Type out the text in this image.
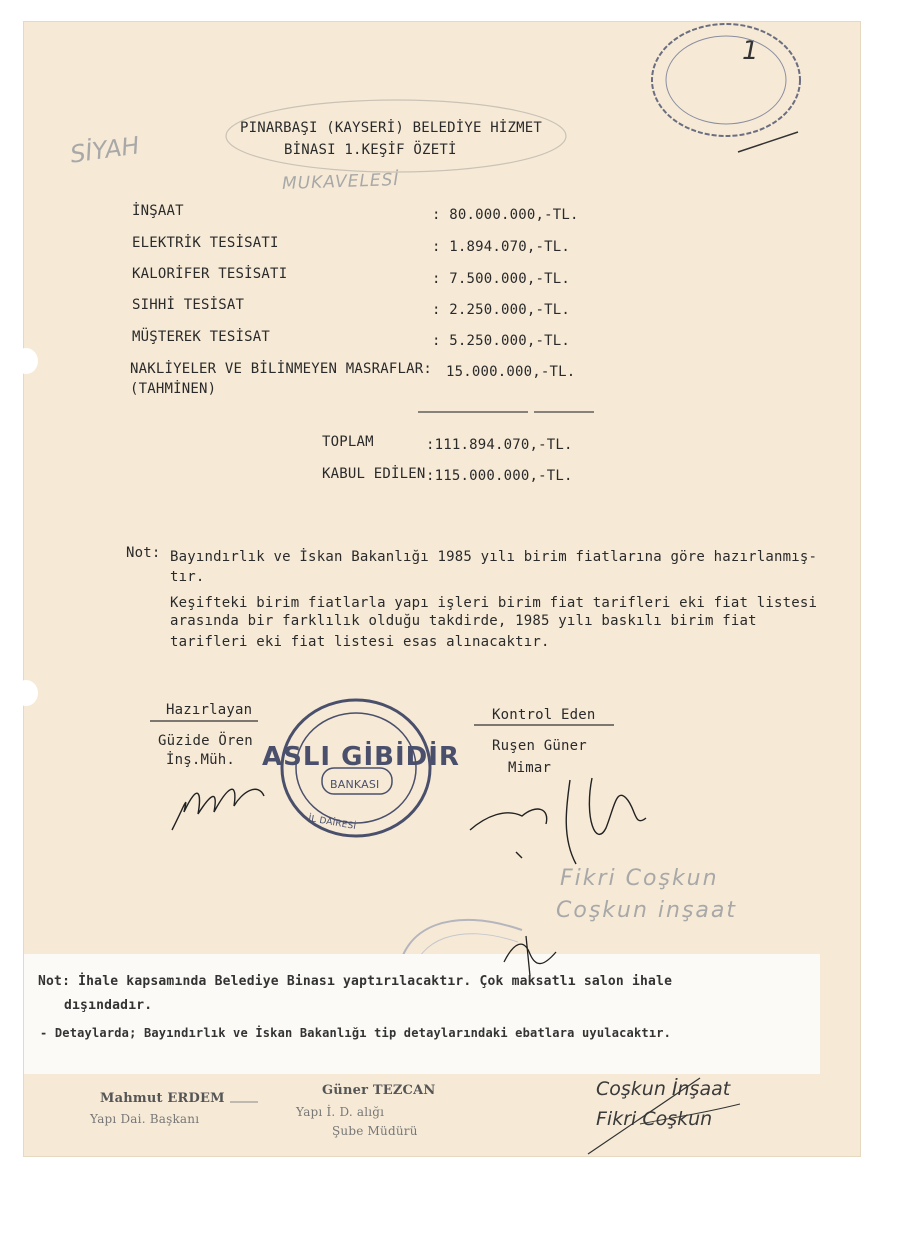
SİYAH
MUKAVELESİ
1
PINARBAŞI (KAYSERİ) BELEDİYE HİZMET
BİNASI 1.KEŞİF ÖZETİ
İNŞAAT	: 80.000.000,-TL.
ELEKTRİK TESİSATI	: 1.894.070,-TL.
KALORİFER TESİSATI	: 7.500.000,-TL.
SIHHİ TESİSAT	: 2.250.000,-TL.
MÜŞTEREK TESİSAT	: 5.250.000,-TL.
NAKLİYELER VE BİLİNMEYEN MASRAFLAR: 15.000.000,-TL.
(TAHMİNEN)
TOPLAM	:111.894.070,-TL.
KABUL EDİLEN :115.000.000,-TL.
Not: Bayındırlık ve İskan Bakanlığı 1985 yılı birim fiatlarına göre hazırlanmış-
tır.
Keşifteki birim fiatlarla yapı işleri birim fiat tarifleri eki fiat listesi
arasında bir farklılık olduğu takdirde, 1985 yılı baskılı birim fiat
tarifleri eki fiat listesi esas alınacaktır.
Hazırlayan
Güzide Ören
İnş.Müh.
Kontrol Eden
Ruşen Güner
Mimar
ASLI GİBİDİR
BANKASI
İL DAİRESİ
Fikri Coşkun
Coşkun inşaat
Not: İhale kapsamında Belediye Binası yaptırılacaktır. Çok maksatlı salon ihale
dışındadır.
- Detaylarda; Bayındırlık ve İskan Bakanlığı tip detaylarındaki ebatlara uyulacaktır.
Mahmut ERDEM
Yapı Dai. Başkanı
Güner TEZCAN
Yapı İ. D. alığı
Şube Müdürü
Coşkun İnşaat
Fikri Coşkun
